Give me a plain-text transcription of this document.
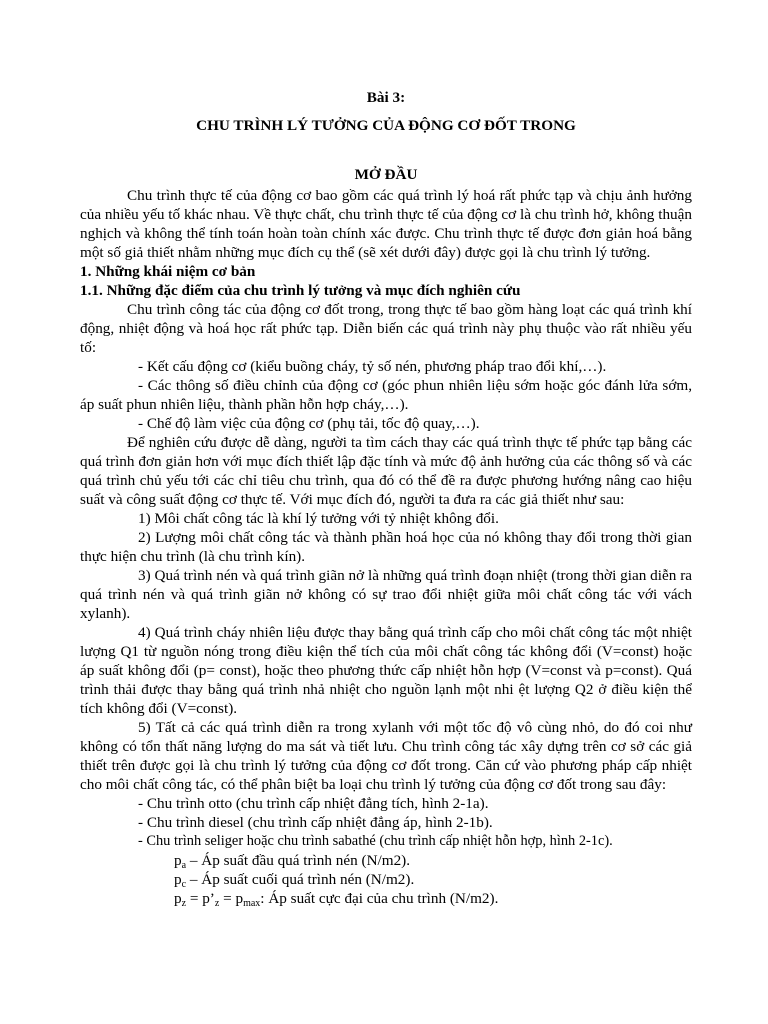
Bài 3:
CHU TRÌNH LÝ TƯỞNG CỦA ĐỘNG CƠ ĐỐT TRONG
MỞ ĐẦU

Chu trình thực tế của động cơ bao gồm các quá trình lý hoá rất phức tạp và chịu ảnh hưởng của nhiều yếu tố khác nhau. Về thực chất, chu trình thực tế của động cơ là chu trình hở, không thuận nghịch và không thể tính toán hoàn toàn chính xác được. Chu trình thực tế được đơn giản hoá bằng một số giả thiết nhằm những mục đích cụ thể (sẽ xét dưới đây) được gọi là chu trình lý tưởng.

1. Những khái niệm cơ bản

1.1. Những đặc điểm của chu trình lý tưởng và mục đích nghiên cứu

Chu trình công tác của động cơ đốt trong, trong thực tế bao gồm hàng loạt các quá trình khí động, nhiệt động và hoá học rất phức tạp. Diễn biến các quá trình này phụ thuộc vào rất nhiều yếu tố:

- Kết cấu động cơ (kiểu buồng cháy, tỷ số nén, phương pháp trao đổi khí,…).

- Các thông số điều chỉnh của động cơ (góc phun nhiên liệu sớm hoặc góc đánh lửa sớm, áp suất phun nhiên liệu, thành phần hỗn hợp cháy,…).

- Chế độ làm việc của động cơ (phụ tải, tốc độ quay,…).

Để nghiên cứu được dễ dàng, người ta tìm cách thay các quá trình thực tế phức tạp bằng các quá trình đơn giản hơn với mục đích thiết lập đặc tính và mức độ ảnh hưởng của các thông số và các quá trình chủ yếu tới các chỉ tiêu chu trình, qua đó có thể đề ra được phương hướng nâng cao hiệu suất và công suất động cơ thực tế. Với mục đích đó, người ta đưa ra các giả thiết như sau:

1) Môi chất công tác là khí lý tưởng với tỷ nhiệt không đổi.

2) Lượng môi chất công tác và thành phần hoá học của nó không thay đổi trong thời gian thực hiện chu trình (là chu trình kín).

3) Quá trình nén và quá trình giãn nở là những quá trình đoạn nhiệt (trong thời gian diễn ra quá trình nén và quá trình giãn nở không có sự trao đổi nhiệt giữa môi chất công tác với vách xylanh).

4) Quá trình cháy nhiên liệu được thay bằng quá trình cấp cho môi chất công tác một nhiệt lượng Q1 từ nguồn nóng trong điều kiện thể tích của môi chất công tác không đổi (V=const) hoặc áp suất không đổi (p= const), hoặc theo phương thức cấp nhiệt hỗn hợp (V=const và p=const). Quá trình thải được thay bằng quá trình nhả nhiệt cho nguồn lạnh một nhi ệt lượng Q2 ở điều kiện thể tích không đổi (V=const).

5) Tất cả các quá trình diễn ra trong xylanh với một tốc độ vô cùng nhỏ, do đó coi như không có tổn thất năng lượng do ma sát và tiết lưu. Chu trình công tác xây dựng trên cơ sở các giả thiết trên được gọi là chu trình lý tưởng của động cơ đốt trong. Căn cứ vào phương pháp cấp nhiệt cho môi chất công tác, có thể phân biệt ba loại chu trình lý tưởng của động cơ đốt trong sau đây:

- Chu trình otto (chu trình cấp nhiệt đẳng tích, hình 2-1a).

- Chu trình diesel (chu trình cấp nhiệt đẳng áp, hình 2-1b).

- Chu trình seliger hoặc chu trình sabathé (chu trình cấp nhiệt hỗn hợp, hình 2-1c).

$p_a$ – Áp suất đầu quá trình nén (N/m2).

$p_c$ – Áp suất cuối quá trình nén (N/m2).

$p_z$ = $p’_z = p_{max}$: Áp suất cực đại của chu trình (N/m2).
